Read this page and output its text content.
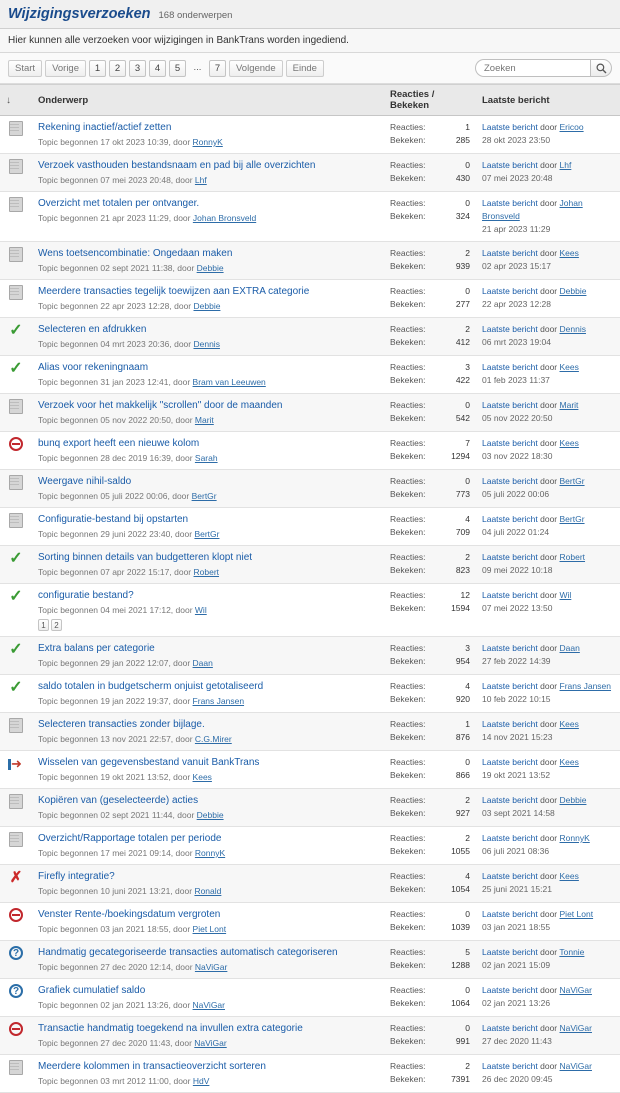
Wijzigingsverzoeken 168 onderwerpen
Hier kunnen alle verzoeken voor wijzigingen in BankTrans worden ingediend.
Start	Vorige	1	2	3	4	5	...	7	Volgende	Einde
Zoeken
↓	Onderwerp	Reacties / Bekeken	Laatste bericht

Rekening inactief/actief zetten
Topic begonnen 17 okt 2023 10:39, door RonnyK

Reacties:	1
Bekeken:	285

Laatste bericht door Ericoo
28 okt 2023 23:50

Verzoek vasthouden bestandsnaam en pad bij alle overzichten
Topic begonnen 07 mei 2023 20:48, door Lhf

Reacties:	0
Bekeken:	430

Laatste bericht door Lhf
07 mei 2023 20:48

Overzicht met totalen per ontvanger.
Topic begonnen 21 apr 2023 11:29, door Johan Bronsveld

Reacties:	0
Bekeken:	324

Laatste bericht door Johan Bronsveld
21 apr 2023 11:29

Wens toetsencombinatie: Ongedaan maken
Topic begonnen 02 sept 2021 11:38, door Debbie

Reacties:	2
Bekeken:	939

Laatste bericht door Kees
02 apr 2023 15:17

Meerdere transacties tegelijk toewijzen aan EXTRA categorie
Topic begonnen 22 apr 2023 12:28, door Debbie

Reacties:	0
Bekeken:	277

Laatste bericht door Debbie
22 apr 2023 12:28

✓	Selecteren en afdrukken
Topic begonnen 04 mrt 2023 20:36, door Dennis

Reacties:	2
Bekeken:	412

Laatste bericht door Dennis
06 mrt 2023 19:04

✓	Alias voor rekeningnaam
Topic begonnen 31 jan 2023 12:41, door Bram van Leeuwen

Reacties:	3
Bekeken:	422

Laatste bericht door Kees
01 feb 2023 11:37

Verzoek voor het makkelijk "scrollen" door de maanden
Topic begonnen 05 nov 2022 20:50, door Marit

Reacties:	0
Bekeken:	542

Laatste bericht door Marit
05 nov 2022 20:50

bunq export heeft een nieuwe kolom
Topic begonnen 28 dec 2019 16:39, door Sarah

Reacties:	7
Bekeken:	1294

Laatste bericht door Kees
03 nov 2022 18:30

Weergave nihil-saldo
Topic begonnen 05 juli 2022 00:06, door BertGr

Reacties:	0
Bekeken:	773

Laatste bericht door BertGr
05 juli 2022 00:06

Configuratie-bestand bij opstarten
Topic begonnen 29 juni 2022 23:40, door BertGr

Reacties:	4
Bekeken:	709

Laatste bericht door BertGr
04 juli 2022 01:24

✓	Sorting binnen details van budgetteren klopt niet
Topic begonnen 07 apr 2022 15:17, door Robert

Reacties:	2
Bekeken:	823

Laatste bericht door Robert
09 mei 2022 10:18

✓	configuratie bestand?
Topic begonnen 04 mei 2021 17:12, door Wil
1	2

Reacties:	12
Bekeken:	1594

Laatste bericht door Wil
07 mei 2022 13:50

✓	Extra balans per categorie
Topic begonnen 29 jan 2022 12:07, door Daan

Reacties:	3
Bekeken:	954

Laatste bericht door Daan
27 feb 2022 14:39

✓	saldo totalen in budgetscherm onjuist getotaliseerd
Topic begonnen 19 jan 2022 19:37, door Frans Jansen

Reacties:	4
Bekeken:	920

Laatste bericht door Frans Jansen
10 feb 2022 10:15

Selecteren transacties zonder bijlage.
Topic begonnen 13 nov 2021 22:57, door C.G.Mirer

Reacties:	1
Bekeken:	876

Laatste bericht door Kees
14 nov 2021 15:23

➜	Wisselen van gegevensbestand vanuit BankTrans
Topic begonnen 19 okt 2021 13:52, door Kees

Reacties:	0
Bekeken:	866

Laatste bericht door Kees
19 okt 2021 13:52

Kopiëren van (geselecteerde) acties
Topic begonnen 02 sept 2021 11:44, door Debbie

Reacties:	2
Bekeken:	927

Laatste bericht door Debbie
03 sept 2021 14:58

Overzicht/Rapportage totalen per periode
Topic begonnen 17 mei 2021 09:14, door RonnyK

Reacties:	2
Bekeken:	1055

Laatste bericht door RonnyK
06 juli 2021 08:36

✗	Firefly integratie?
Topic begonnen 10 juni 2021 13:21, door Ronald

Reacties:	4
Bekeken:	1054

Laatste bericht door Kees
25 juni 2021 15:21

Venster Rente-/boekingsdatum vergroten
Topic begonnen 03 jan 2021 18:55, door Piet Lont

Reacties:	0
Bekeken:	1039

Laatste bericht door Piet Lont
03 jan 2021 18:55

?	Handmatig gecategoriseerde transacties automatisch categoriseren
Topic begonnen 27 dec 2020 12:14, door NaViGar

Reacties:	5
Bekeken:	1288

Laatste bericht door Tonnie
02 jan 2021 15:09

?	Grafiek cumulatief saldo
Topic begonnen 02 jan 2021 13:26, door NaViGar

Reacties:	0
Bekeken:	1064

Laatste bericht door NaViGar
02 jan 2021 13:26

Transactie handmatig toegekend na invullen extra categorie
Topic begonnen 27 dec 2020 11:43, door NaViGar

Reacties:	0
Bekeken:	991

Laatste bericht door NaViGar
27 dec 2020 11:43

Meerdere kolommen in transactieoverzicht sorteren
Topic begonnen 03 mrt 2012 11:00, door HdV

Reacties:	2
Bekeken:	7391

Laatste bericht door NaViGar
26 dec 2020 09:45
